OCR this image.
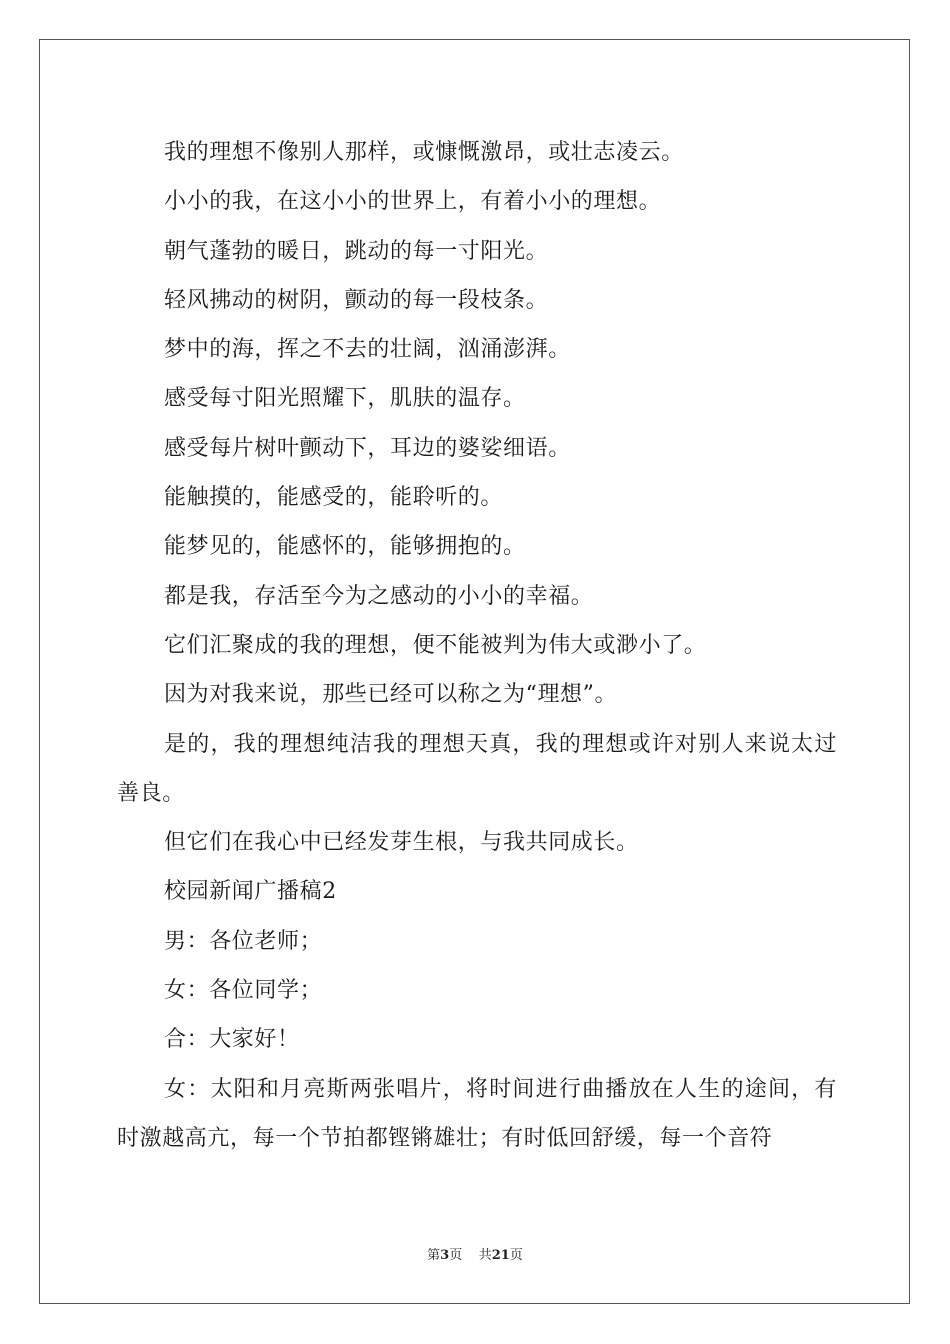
我的理想不像别人那样，或慷慨激昂，或壮志凌云。

小小的我，在这小小的世界上，有着小小的理想。

朝气蓬勃的暖日，跳动的每一寸阳光。

轻风拂动的树阴，颤动的每一段枝条。

梦中的海，挥之不去的壮阔，汹涌澎湃。

感受每寸阳光照耀下，肌肤的温存。

感受每片树叶颤动下，耳边的婆娑细语。

能触摸的，能感受的，能聆听的。

能梦见的，能感怀的，能够拥抱的。

都是我，存活至今为之感动的小小的幸福。

它们汇聚成的我的理想，便不能被判为伟大或渺小了。

因为对我来说，那些已经可以称之为“理想”。

是的，我的理想纯洁我的理想天真，我的理想或许对别人来说太过善良。

但它们在我心中已经发芽生根，与我共同成长。

校园新闻广播稿2

男：各位老师；

女：各位同学；

合：大家好！

女：太阳和月亮斯两张唱片，将时间进行曲播放在人生的途间，有时激越高亢，每一个节拍都铿锵雄壮；有时低回舒缓，每一个音符

第3页    共21页
